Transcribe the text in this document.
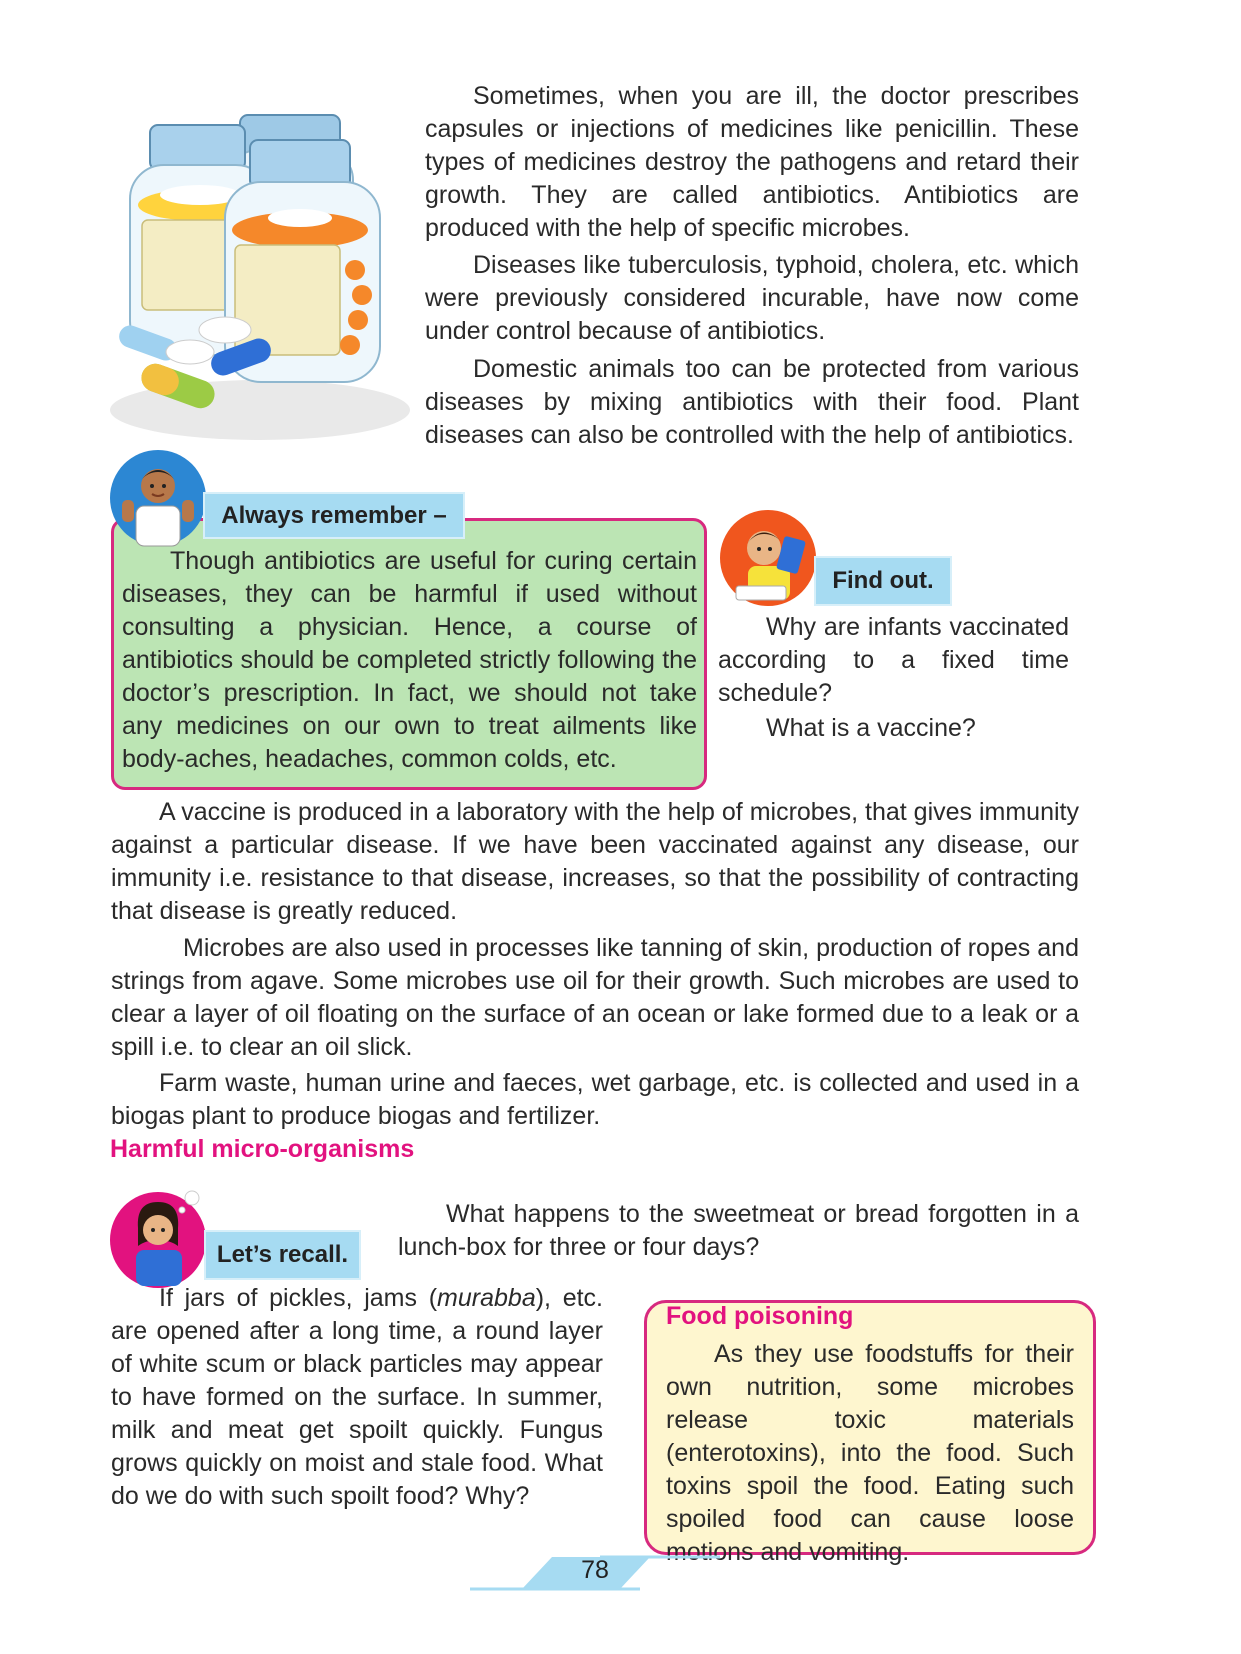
Sometimes, when you are ill, the doctor prescribes capsules or injections of medicines like penicillin. These types of medicines destroy the pathogens and retard their growth. They are called antibiotics. Antibiotics are produced with the help of specific microbes.

Diseases like tuberculosis, typhoid, cholera, etc. which were previously considered incurable, have now come under control because of antibiotics.

Domestic animals too can be protected from various diseases by mixing antibiotics with their food. Plant diseases can also be controlled with the help of antibiotics.

Always remember –

Though antibiotics are useful for curing certain diseases, they can be harmful if used without consulting a physician. Hence, a course of antibiotics should be completed strictly following the doctor’s prescription. In fact, we should not take any medicines on our own to treat ailments like body-aches, headaches, common colds, etc.

Find out.

Why are infants vaccinated according to a fixed time schedule?

What is a vaccine?

A vaccine is produced in a laboratory with the help of microbes, that gives immunity against a particular disease. If we have been vaccinated against any disease, our immunity i.e. resistance to that disease, increases, so that the possibility of contracting that disease is greatly reduced.

Microbes are also used in processes like tanning of skin, production of ropes and strings from agave. Some microbes use oil for their growth. Such microbes are used to clear a layer of oil floating on the surface of an ocean or lake formed due to a leak or a spill i.e. to clear an oil slick.

Farm waste, human urine and faeces, wet garbage, etc. is collected and used in a biogas plant to produce biogas and fertilizer.

Harmful micro-organisms
Let’s recall.

What happens to the sweetmeat or bread forgotten in a lunch-box for three or four days?

If jars of pickles, jams (murabba), etc. are opened after a long time, a round layer of white scum or black particles may appear to have formed on the surface. In summer, milk and meat get spoilt quickly. Fungus grows quickly on moist and stale food. What do we do with such spoilt food? Why?

Food poisoning

As they use foodstuffs for their own nutrition, some microbes release toxic materials (enterotoxins), into the food. Such toxins spoil the food. Eating such spoiled food can cause loose motions and vomiting.

78
